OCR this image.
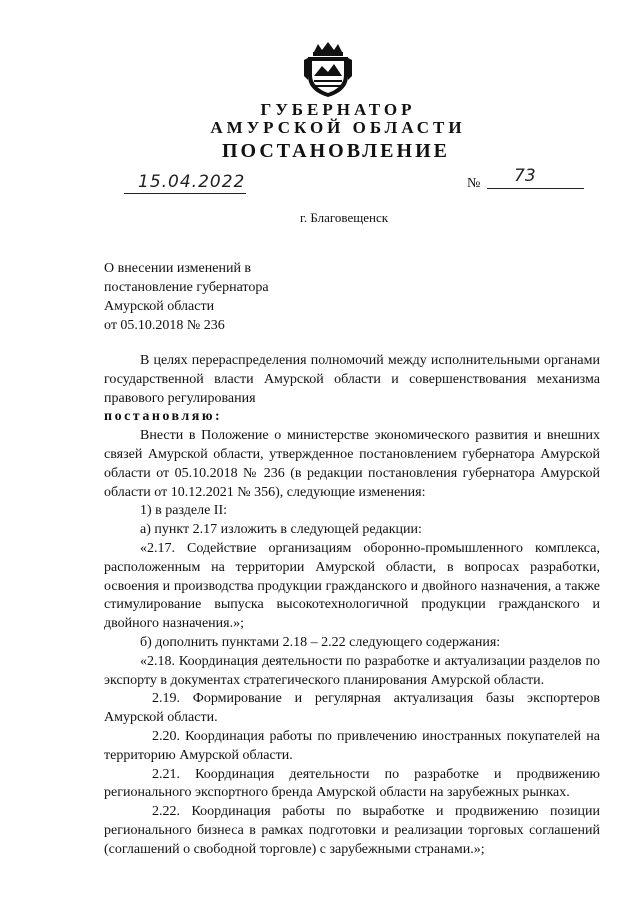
ГУБЕРНАТОР
АМУРСКОЙ ОБЛАСТИ
ПОСТАНОВЛЕНИЕ
15.04.2022	№ 73
г. Благовещенск
О внесении изменений в
постановление губернатора
Амурской области
от 05.10.2018 № 236

В целях перераспределения полномочий между исполнительными органами государственной власти Амурской области и совершенствования механизма правового регулирования

постановляю:

Внести в Положение о министерстве экономического развития и внешних связей Амурской области, утвержденное постановлением губернатора Амурской области от 05.10.2018 № 236 (в редакции постановления губернатора Амурской области от 10.12.2021 № 356), следующие изменения:

1) в разделе II:

а) пункт 2.17 изложить в следующей редакции:

«2.17. Содействие организациям оборонно-промышленного комплекса, расположенным на территории Амурской области, в вопросах разработки, освоения и производства продукции гражданского и двойного назначения, а также стимулирование выпуска высокотехнологичной продукции гражданского и двойного назначения.»;

б) дополнить пунктами 2.18 – 2.22 следующего содержания:

«2.18. Координация деятельности по разработке и актуализации разделов по экспорту в документах стратегического планирования Амурской области.

2.19. Формирование и регулярная актуализация базы экспортеров Амурской области.

2.20. Координация работы по привлечению иностранных покупателей на территорию Амурской области.

2.21. Координация деятельности по разработке и продвижению регионального экспортного бренда Амурской области на зарубежных рынках.

2.22. Координация работы по выработке и продвижению позиции регионального бизнеса в рамках подготовки и реализации торговых соглашений (соглашений о свободной торговле) с зарубежными странами.»;
